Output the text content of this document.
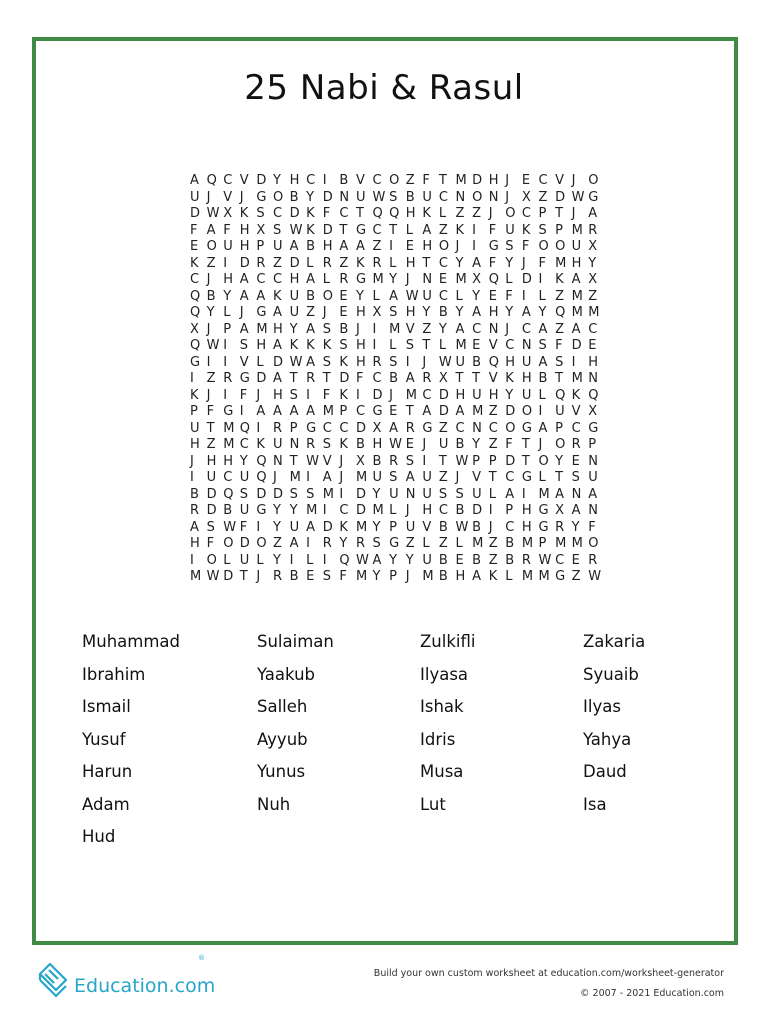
25 Nabi & Rasul
A Q C V D Y H C I B V C O Z F T M D H J E C V J O
U J V J G O B Y D N U W S B U C N O N J X Z D W G
D W X K S C D K F C T Q Q H K L Z Z J O C P T J A
F A F H X S W K D T G C T L A Z K I F U K S P M R
E O U H P U A B H A A Z I E H O J I G S F O O U X
K Z I D R Z D L R Z K R L H T C Y A F Y J F M H Y
C J H A C C H A L R G M Y J N E M X Q L D I K A X
Q B Y A A K U B O E Y L A W U C L Y E F I L Z M Z
Q Y L J G A U Z J E H X S H Y B Y A H Y A Y Q M M
X J P A M H Y A S B J I M V Z Y A C N J C A Z A C
Q W I S H A K K K S H I L S T L M E V C N S F D E
G I I V L D W A S K H R S I J W U B Q H U A S I H
I Z R G D A T R T D F C B A R X T T V K H B T M N
K J I F J H S I F K I D J M C D H U H Y U L Q K Q
P F G I A A A A M P C G E T A D A M Z D O I U V X
U T M Q I R P G C C D X A R G Z C N C O G A P C G
H Z M C K U N R S K B H W E J U B Y Z F T J O R P
J H H Y Q N T W V J X B R S I T W P P D T O Y E N
I U C U Q J M I A J M U S A U Z J V T C G L T S U
B D Q S D D S S M I D Y U N U S S U L A I M A N A
R D B U G Y Y M I C D M L J H C B D I P H G X A N
A S W F I Y U A D K M Y P U V B W B J C H G R Y F
H F O D O Z A I R Y R S G Z L Z L M Z B M P M M O
I O L U L Y I L I Q W A Y Y U B E B Z B R W C E R
M W D T J R B E S F M Y P J M B H A K L M M G Z W
Muhammad	Sulaiman	Zulkifli	Zakaria
Ibrahim	Yaakub	Ilyasa	Syuaib
Ismail	Salleh	Ishak	Ilyas
Yusuf	Ayyub	Idris	Yahya
Harun	Yunus	Musa	Daud
Adam	Nuh	Lut	Isa
Hud
Education.com
®
Build your own custom worksheet at education.com/worksheet-generator
© 2007 - 2021 Education.com
